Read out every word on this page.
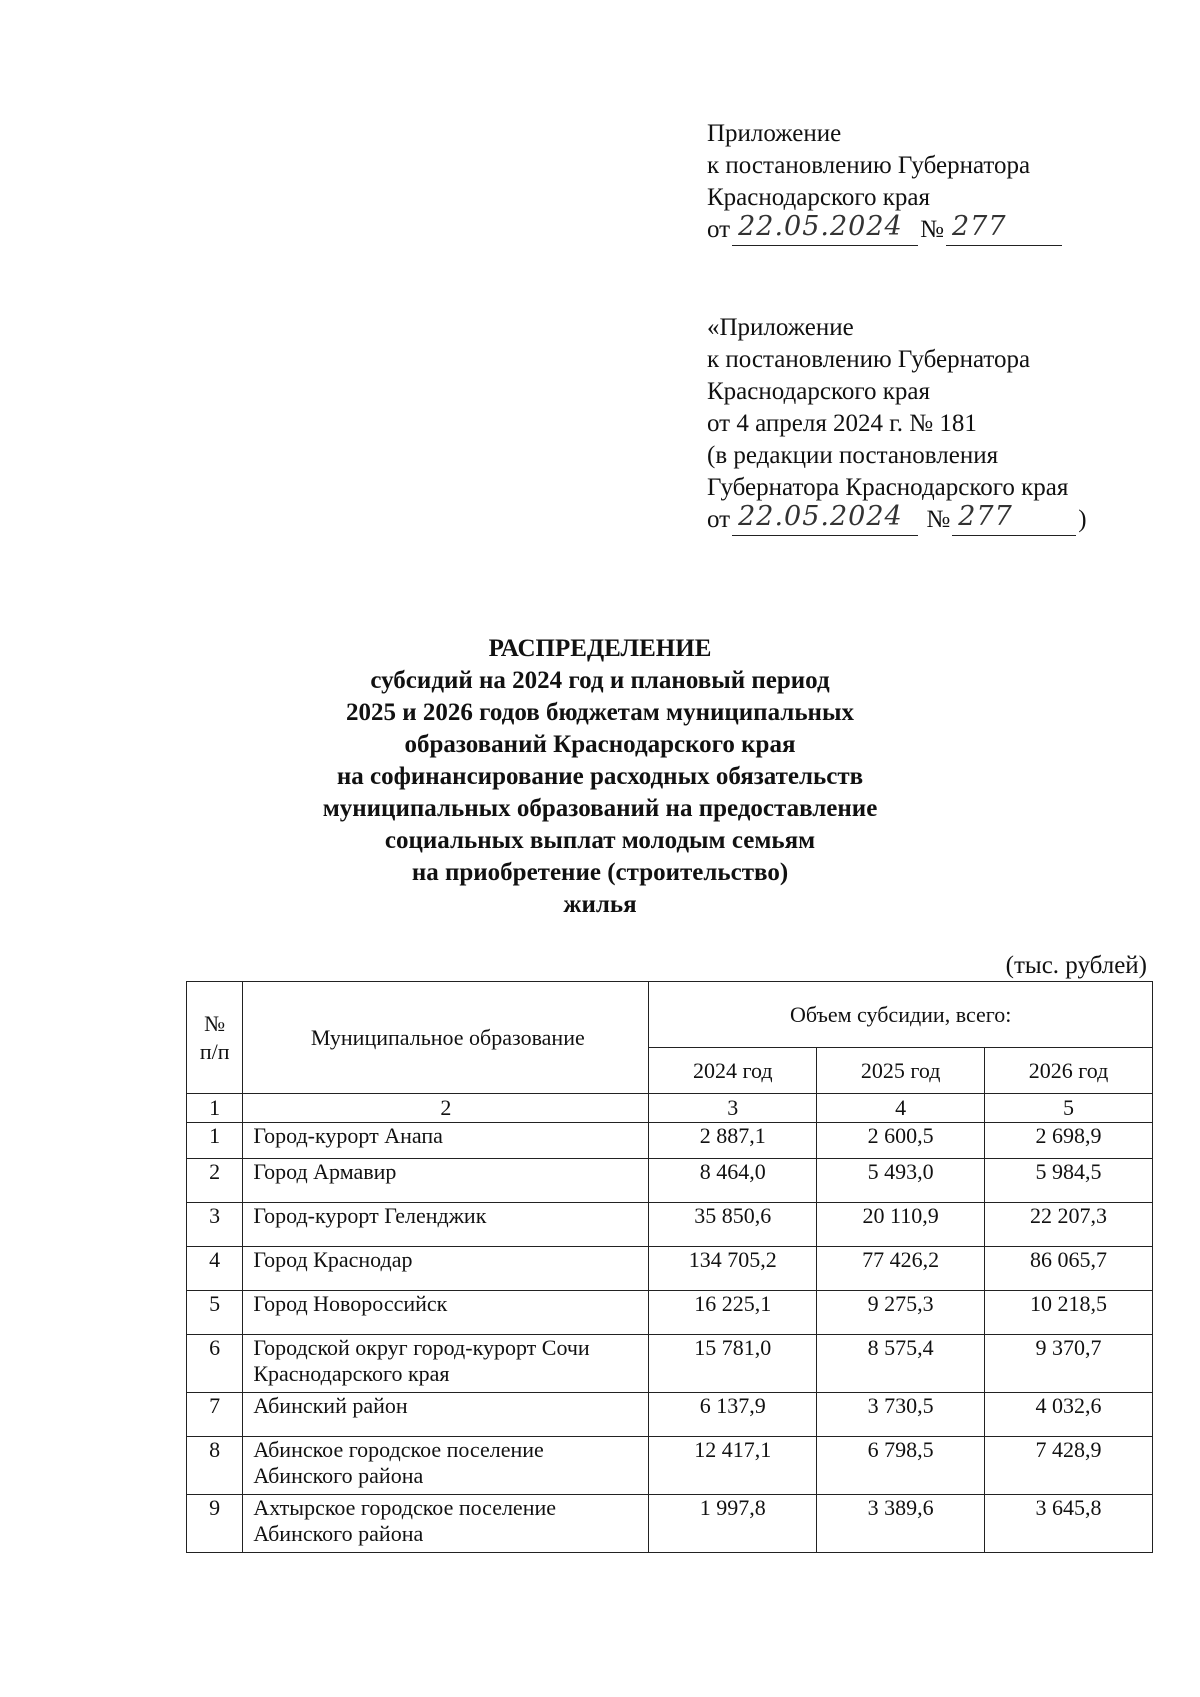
Приложение
к постановлению Губернатора
Краснодарского края
от 22.05.2024 № 277
«Приложение
к постановлению Губернатора
Краснодарского края
от 4 апреля 2024 г. № 181
(в редакции постановления
Губернатора Краснодарского края
от 22.05.2024 № 277	)
РАСПРЕДЕЛЕНИЕ
субсидий на 2024 год и плановый период
2025 и 2026 годов бюджетам муниципальных
образований Краснодарского края
на софинансирование расходных обязательств
муниципальных образований на предоставление
социальных выплат молодым семьям
на приобретение (строительство)
жилья
(тыс. рублей)
№ п/п	Муниципальное образование	Объем субсидии, всего:		
		2024 год	2025 год	2026 год
1	2	3	4	5
1	Город-курорт Анапа	2 887,1	2 600,5	2 698,9
2	Город Армавир	8 464,0	5 493,0	5 984,5
3	Город-курорт Геленджик	35 850,6	20 110,9	22 207,3
4	Город Краснодар	134 705,2	77 426,2	86 065,7
5	Город Новороссийск	16 225,1	9 275,3	10 218,5
6	Городской округ город-курорт Сочи Краснодарского края	15 781,0	8 575,4	9 370,7
7	Абинский район	6 137,9	3 730,5	4 032,6
8	Абинское городское поселение Абинского района	12 417,1	6 798,5	7 428,9
9	Ахтырское городское поселение Абинского района	1 997,8	3 389,6	3 645,8
